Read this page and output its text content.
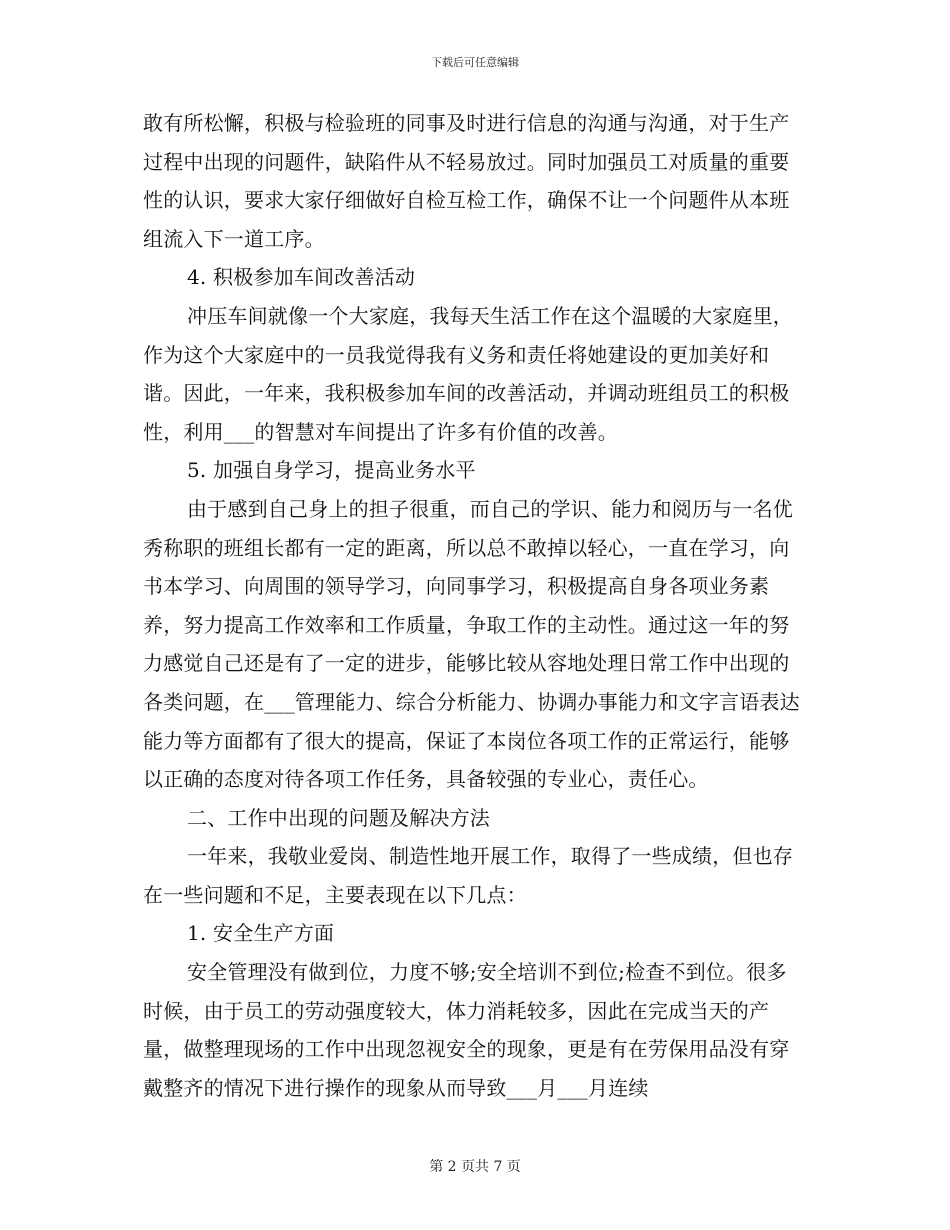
下载后可任意编辑

敢有所松懈，积极与检验班的同事及时进行信息的沟通与沟通，对于生产过程中出现的问题件，缺陷件从不轻易放过。同时加强员工对质量的重要性的认识，要求大家仔细做好自检互检工作，确保不让一个问题件从本班组流入下一道工序。

4. 积极参加车间改善活动

冲压车间就像一个大家庭，我每天生活工作在这个温暖的大家庭里，作为这个大家庭中的一员我觉得我有义务和责任将她建设的更加美好和谐。因此，一年来，我积极参加车间的改善活动，并调动班组员工的积极性，利用___的智慧对车间提出了许多有价值的改善。

5. 加强自身学习，提高业务水平

由于感到自己身上的担子很重，而自己的学识、能力和阅历与一名优秀称职的班组长都有一定的距离，所以总不敢掉以轻心，一直在学习，向书本学习、向周围的领导学习，向同事学习，积极提高自身各项业务素养，努力提高工作效率和工作质量，争取工作的主动性。通过这一年的努力感觉自己还是有了一定的进步，能够比较从容地处理日常工作中出现的各类问题，在___管理能力、综合分析能力、协调办事能力和文字言语表达能力等方面都有了很大的提高，保证了本岗位各项工作的正常运行，能够以正确的态度对待各项工作任务，具备较强的专业心，责任心。

二、工作中出现的问题及解决方法

一年来，我敬业爱岗、制造性地开展工作，取得了一些成绩，但也存在一些问题和不足，主要表现在以下几点：

1. 安全生产方面

安全管理没有做到位，力度不够;安全培训不到位;检查不到位。很多时候，由于员工的劳动强度较大，体力消耗较多，因此在完成当天的产量，做整理现场的工作中出现忽视安全的现象，更是有在劳保用品没有穿戴整齐的情况下进行操作的现象从而导致___月___月连续

第 2 页共 7 页
